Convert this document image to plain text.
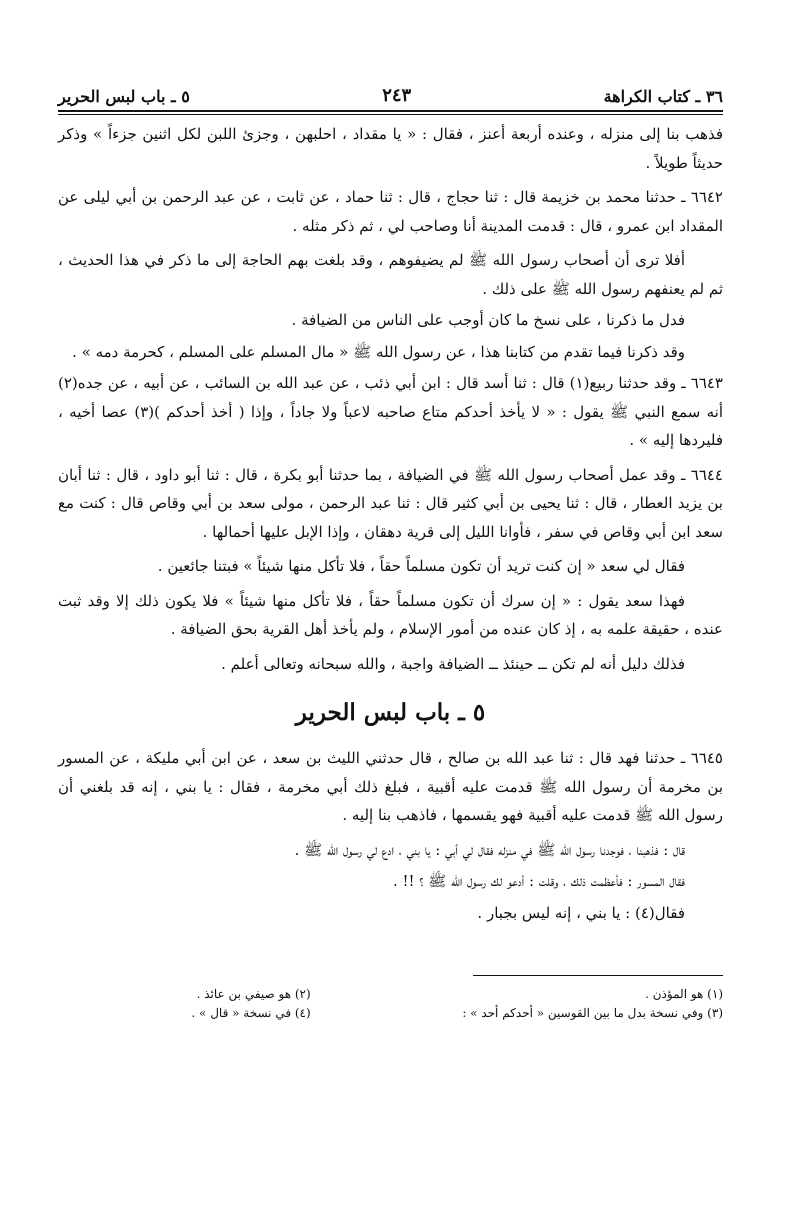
٣٦ ـ كتاب الكراهة
٢٤٣
٥ ـ باب لبس الحرير

فذهب بنا إلى منزله ، وعنده أربعة أعنز ، فقال : « يا مقداد ، احلبهن ، وجزئ اللبن لكل اثنين جزءاً » وذكر حديثاً طويلاً .

٦٦٤٢ ـ حدثنا محمد بن خزيمة قال : ثنا حجاج ، قال : ثنا حماد ، عن ثابت ، عن عبد الرحمن بن أبي ليلى عن المقداد ابن عمرو ، قال : قدمت المدينة أنا وصاحب لي ، ثم ذكر مثله .

أفلا ترى أن أصحاب رسول الله ﷺ لم يضيفوهم ، وقد بلغت بهم الحاجة إلى ما ذكر في هذا الحديث ، ثم لم يعنفهم رسول الله ﷺ على ذلك .

فدل ما ذكرنا ، على نسخ ما كان أوجب على الناس من الضيافة .

وقد ذكرنا فيما تقدم من كتابنا هذا ، عن رسول الله ﷺ « مال المسلم على المسلم ، كحرمة دمه » .

٦٦٤٣ ـ وقد حدثنا ربيع(١) قال : ثنا أسد قال : ابن أبي ذئب ، عن عبد الله بن السائب ، عن أبيه ، عن جده(٢) أنه سمع النبي ﷺ يقول : « لا يأخذ أحدكم متاع صاحبه لاعباً ولا جاداً ، وإذا ( أخذ أحدكم )(٣) عصا أخيه ، فليردها إليه » .

٦٦٤٤ ـ وقد عمل أصحاب رسول الله ﷺ في الضيافة ، بما حدثنا أبو بكرة ، قال : ثنا أبو داود ، قال : ثنا أبان بن يزيد العطار ، قال : ثنا يحيى بن أبي كثير قال : ثنا عبد الرحمن ، مولى سعد بن أبي وقاص قال : كنت مع سعد ابن أبي وقاص في سفر ، فأوانا الليل إلى قرية دهقان ، وإذا الإبل عليها أحمالها .

فقال لي سعد « إن كنت تريد أن تكون مسلماً حقاً ، فلا تأكل منها شيئاً » فبتنا جائعين .

فهذا سعد يقول : « إن سرك أن تكون مسلماً حقاً ، فلا تأكل منها شيئاً » فلا يكون ذلك إلا وقد ثبت عنده ، حقيقة علمه به ، إذ كان عنده من أمور الإسلام ، ولم يأخذ أهل القرية بحق الضيافة .

فذلك دليل أنه لم تكن ــ حينئذ ــ الضيافة واجبة ، والله سبحانه وتعالى أعلم .

٥ ـ باب لبس الحرير

٦٦٤٥ ـ حدثنا فهد قال : ثنا عبد الله بن صالح ، قال حدثني الليث بن سعد ، عن ابن أبي مليكة ، عن المسور بن مخرمة أن رسول الله ﷺ قدمت عليه أقبية ، فبلغ ذلك أبي مخرمة ، فقال : يا بني ، إنه قد بلغني أن رسول الله ﷺ قدمت عليه أقبية فهو يقسمها ، فاذهب بنا إليه .

قال : فذهبنا ، فوجدنا رسول الله ﷺ في منزله فقال لي أبي : يا بني ، ادع لي رسول الله ﷺ .

فقال المسور : فأعظمت ذلك ، وقلت : أدعو لك رسول الله ﷺ ؟ !! .

فقال(٤) : يا بني ، إنه ليس بجبار .

(١) هو المؤذن .
(٢) هو صيفي بن عائذ .
(٣) وفي نسخة بدل ما بين القوسين « أحدكم أحد » :
(٤) في نسخة « قال » .
